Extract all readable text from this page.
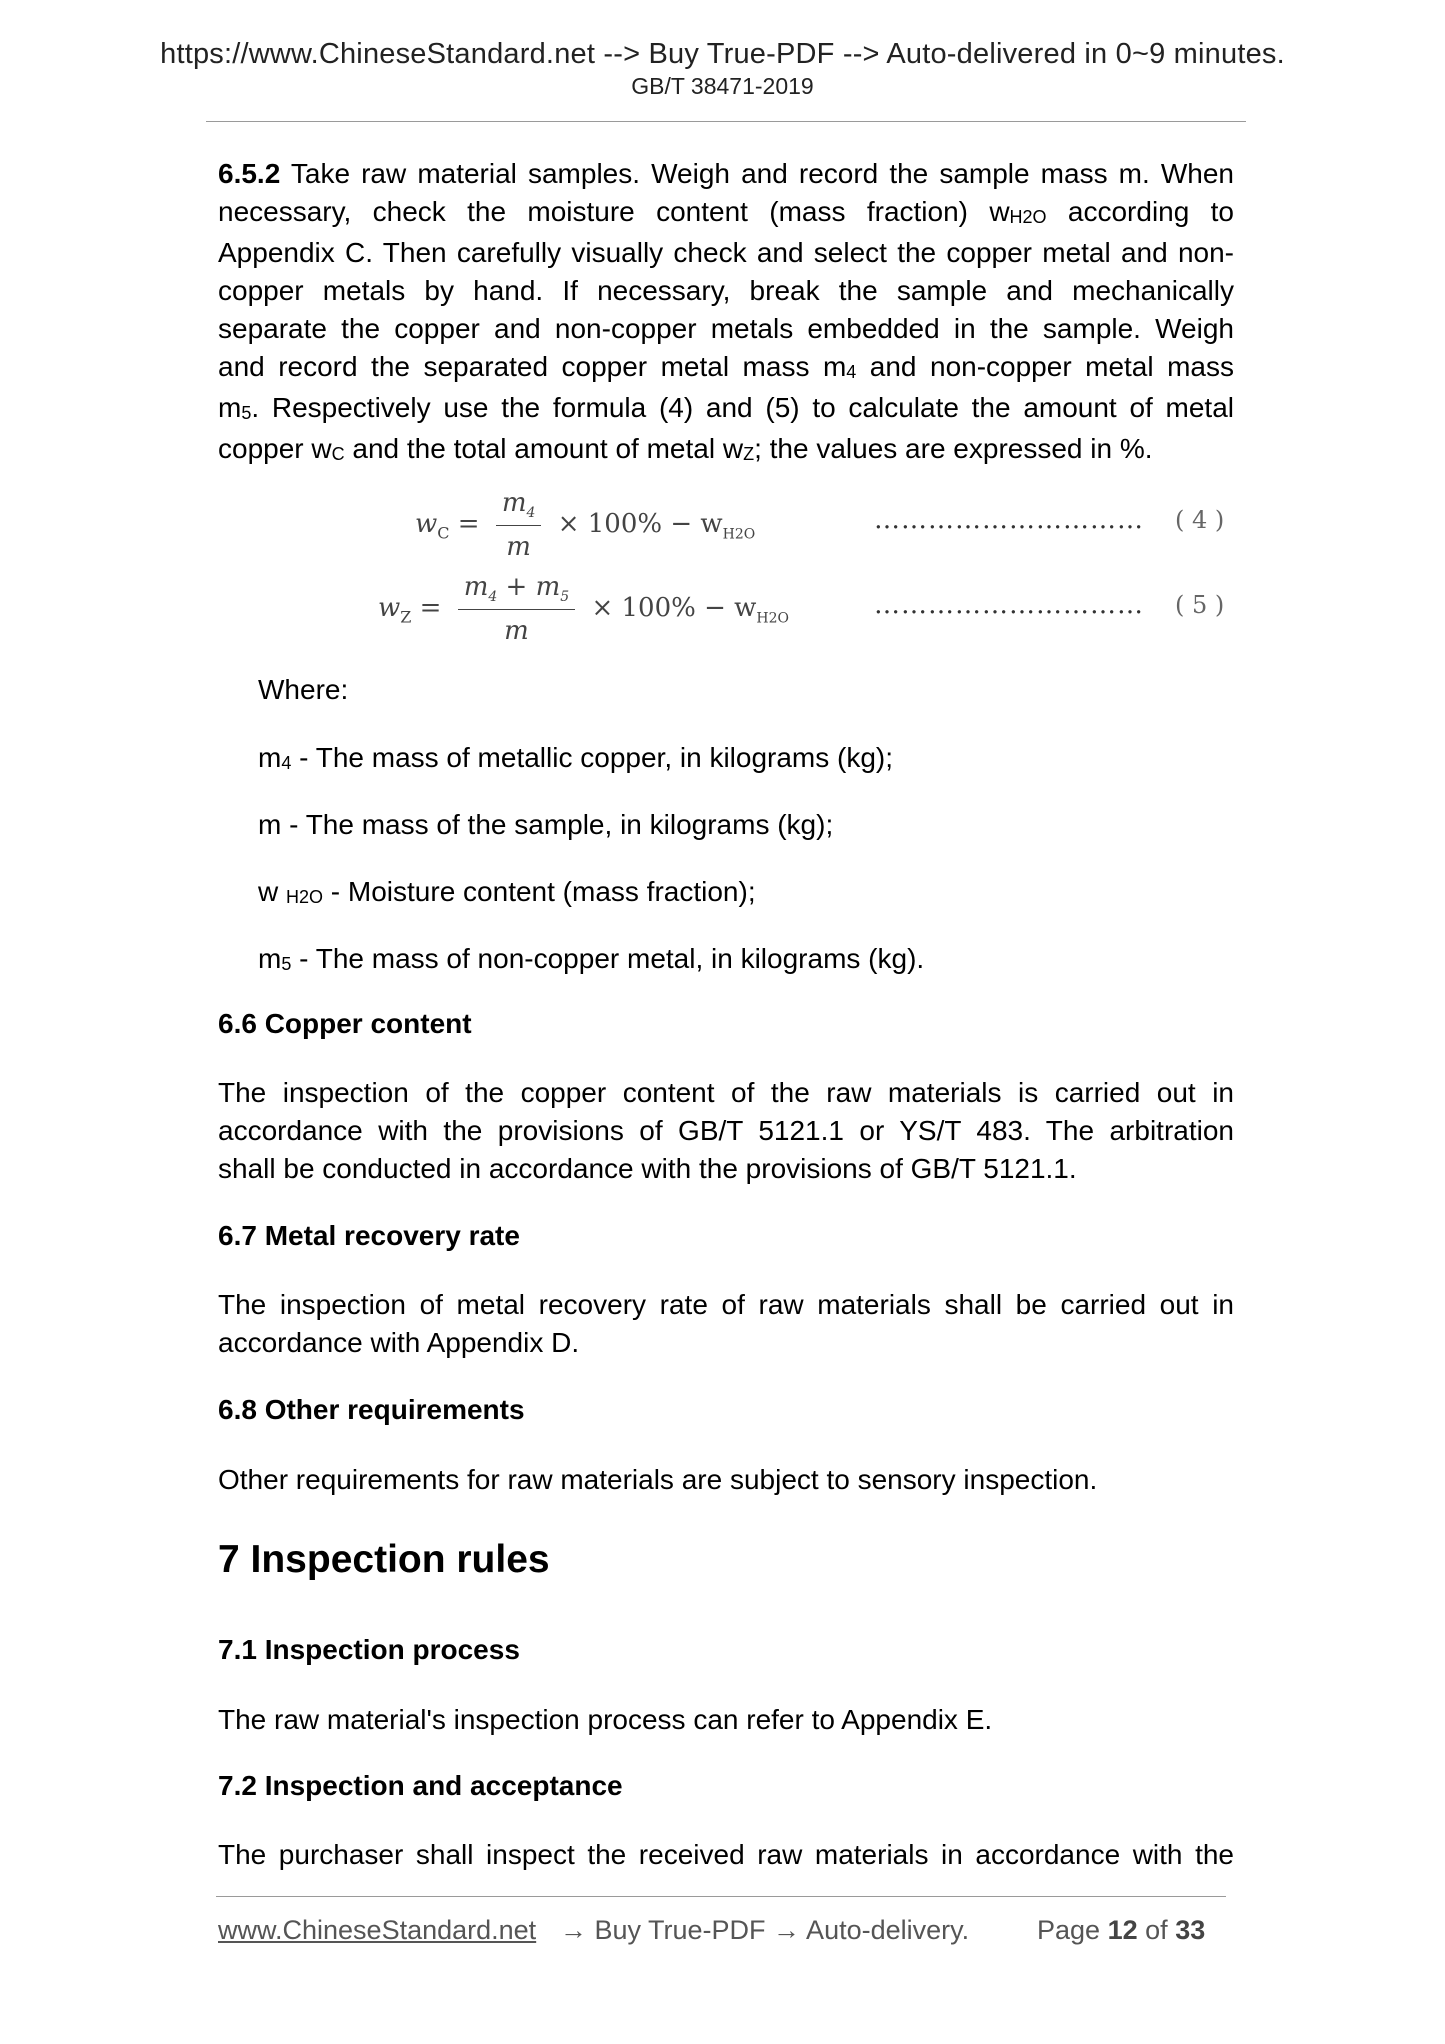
https://www.ChineseStandard.net --> Buy True-PDF --> Auto-delivered in 0~9 minutes.
GB/T 38471-2019
6.5.2 Take raw material samples. Weigh and record the sample mass m. When
necessary, check the moisture content (mass fraction) $w_{H2O}$ according to
Appendix C. Then carefully visually check and select the copper metal and non-
copper metals by hand. If necessary, break the sample and mechanically
separate the copper and non-copper metals embedded in the sample. Weigh
and record the separated copper metal mass $m_4$ and non-copper metal mass
$m_5$. Respectively use the formula (4) and (5) to calculate the amount of metal
copper $w_C$ and the total amount of metal $w_Z$; the values are expressed in %.
$w_C = \frac{m_4}{m} \times 100\% - w_{H2O}$	………………………… ( 4 )
$w_Z = \frac{m_4 + m_5}{m} \times 100\% - w_{H2O}$	………………………… ( 5 )
Where:
$m_4$ - The mass of metallic copper, in kilograms (kg);
m - The mass of the sample, in kilograms (kg);
w $_{H2O}$ - Moisture content (mass fraction);
$m_5$ - The mass of non-copper metal, in kilograms (kg).
6.6 Copper content
The inspection of the copper content of the raw materials is carried out in
accordance with the provisions of GB/T 5121.1 or YS/T 483. The arbitration
shall be conducted in accordance with the provisions of GB/T 5121.1.
6.7 Metal recovery rate
The inspection of metal recovery rate of raw materials shall be carried out in
accordance with Appendix D.
6.8 Other requirements
Other requirements for raw materials are subject to sensory inspection.
7 Inspection rules
7.1 Inspection process
The raw material's inspection process can refer to Appendix E.
7.2 Inspection and acceptance
The purchaser shall inspect the received raw materials in accordance with the
www.ChineseStandard.net → Buy True-PDF → Auto-delivery.	Page 12 of 33
